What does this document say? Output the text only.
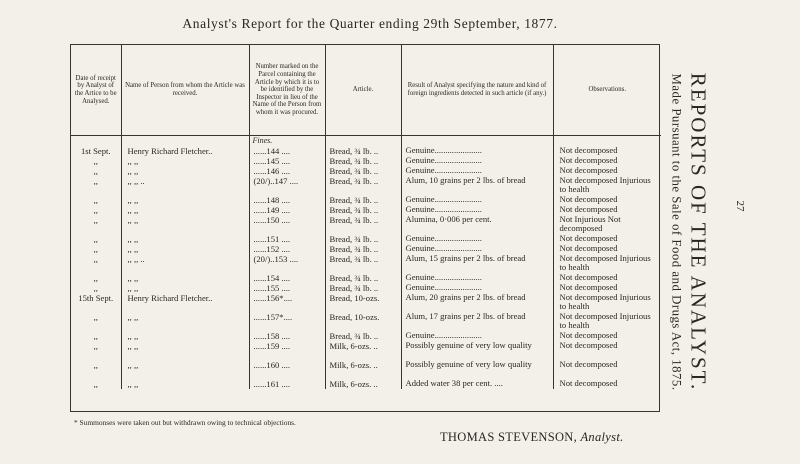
Analyst's Report for the Quarter ending 29th September, 1877.
Date of receipt by Analyst of the Artice to be Analysed.	Name of Person from whom the Article was received.	Number marked on the Parcel containing the Article by which it is to be identified by the Inspector in lieu of the Name of the Person from whom it was procured.	Article.	Result of Analyst specifying the nature and kind of foreign ingredients detected in such article (if any.)	Observations.
		Fines.			
1st Sept.	Henry Richard Fletcher..	......144 ....	Bread, ¾ lb. ..	Genuine......................	Not decomposed
,,	,, ,,	......145 ....	Bread, ¾ lb. ..	Genuine......................	Not decomposed
,,	,, ,,	......146 ....	Bread, ¾ lb. ..	Genuine......................	Not decomposed
,,	,, ,, ..	(20/)..147 ....	Bread, ¾ lb. ..	Alum, 10 grains per 2 lbs. of bread	Not decomposed Injurious to health
,,	,, ,,	......148 ....	Bread, ¾ lb. ..	Genuine......................	Not decomposed
,,	,, ,,	......149 ....	Bread, ¾ lb. ..	Genuine......................	Not decomposed
,,	,, ,,	......150 ....	Bread, ¾ lb. ..	Alumina, 0·006 per cent.	Not Injurious Not decomposed
,,	,, ,,	......151 ....	Bread, ¾ lb. ..	Genuine......................	Not decomposed
,,	,, ,,	......152 ....	Bread, ¾ lb. ..	Genuine......................	Not decomposed
,,	,, ,, ..	(20/)..153 ....	Bread, ¾ lb. ..	Alum, 15 grains per 2 lbs. of bread	Not decomposed Injurious to health
,,	,, ,,	......154 ....	Bread, ¾ lb. ..	Genuine......................	Not decomposed
,,	,, ,,	......155 ....	Bread, ¾ lb. ..	Genuine......................	Not decomposed
15th Sept.	Henry Richard Fletcher..	......156*....	Bread, 10-ozs.	Alum, 20 grains per 2 lbs. of bread	Not decomposed Injurious to health
,,	,, ,,	......157*....	Bread, 10-ozs.	Alum, 17 grains per 2 lbs. of bread	Not decomposed Injurious to health
,,	,, ,,	......158 ....	Bread, ¾ lb. ..	Genuine......................	Not decomposed
,,	,, ,,	......159 ....	Milk, 6-ozs. ..	Possibly genuine of very low quality	Not decomposed
,,	,, ,,	......160 ....	Milk, 6-ozs. ..	Possibly genuine of very low quality	Not decomposed
,,	,, ,,	......161 ....	Milk, 6-ozs. ..	Added water 38 per cent. ....	Not decomposed
* Summonses were taken out but withdrawn owing to technical objections.
THOMAS STEVENSON, Analyst.
REPORTS OF THE ANALYST.
Made Pursuant to the Sale of Food and Drugs Act, 1875.	27
